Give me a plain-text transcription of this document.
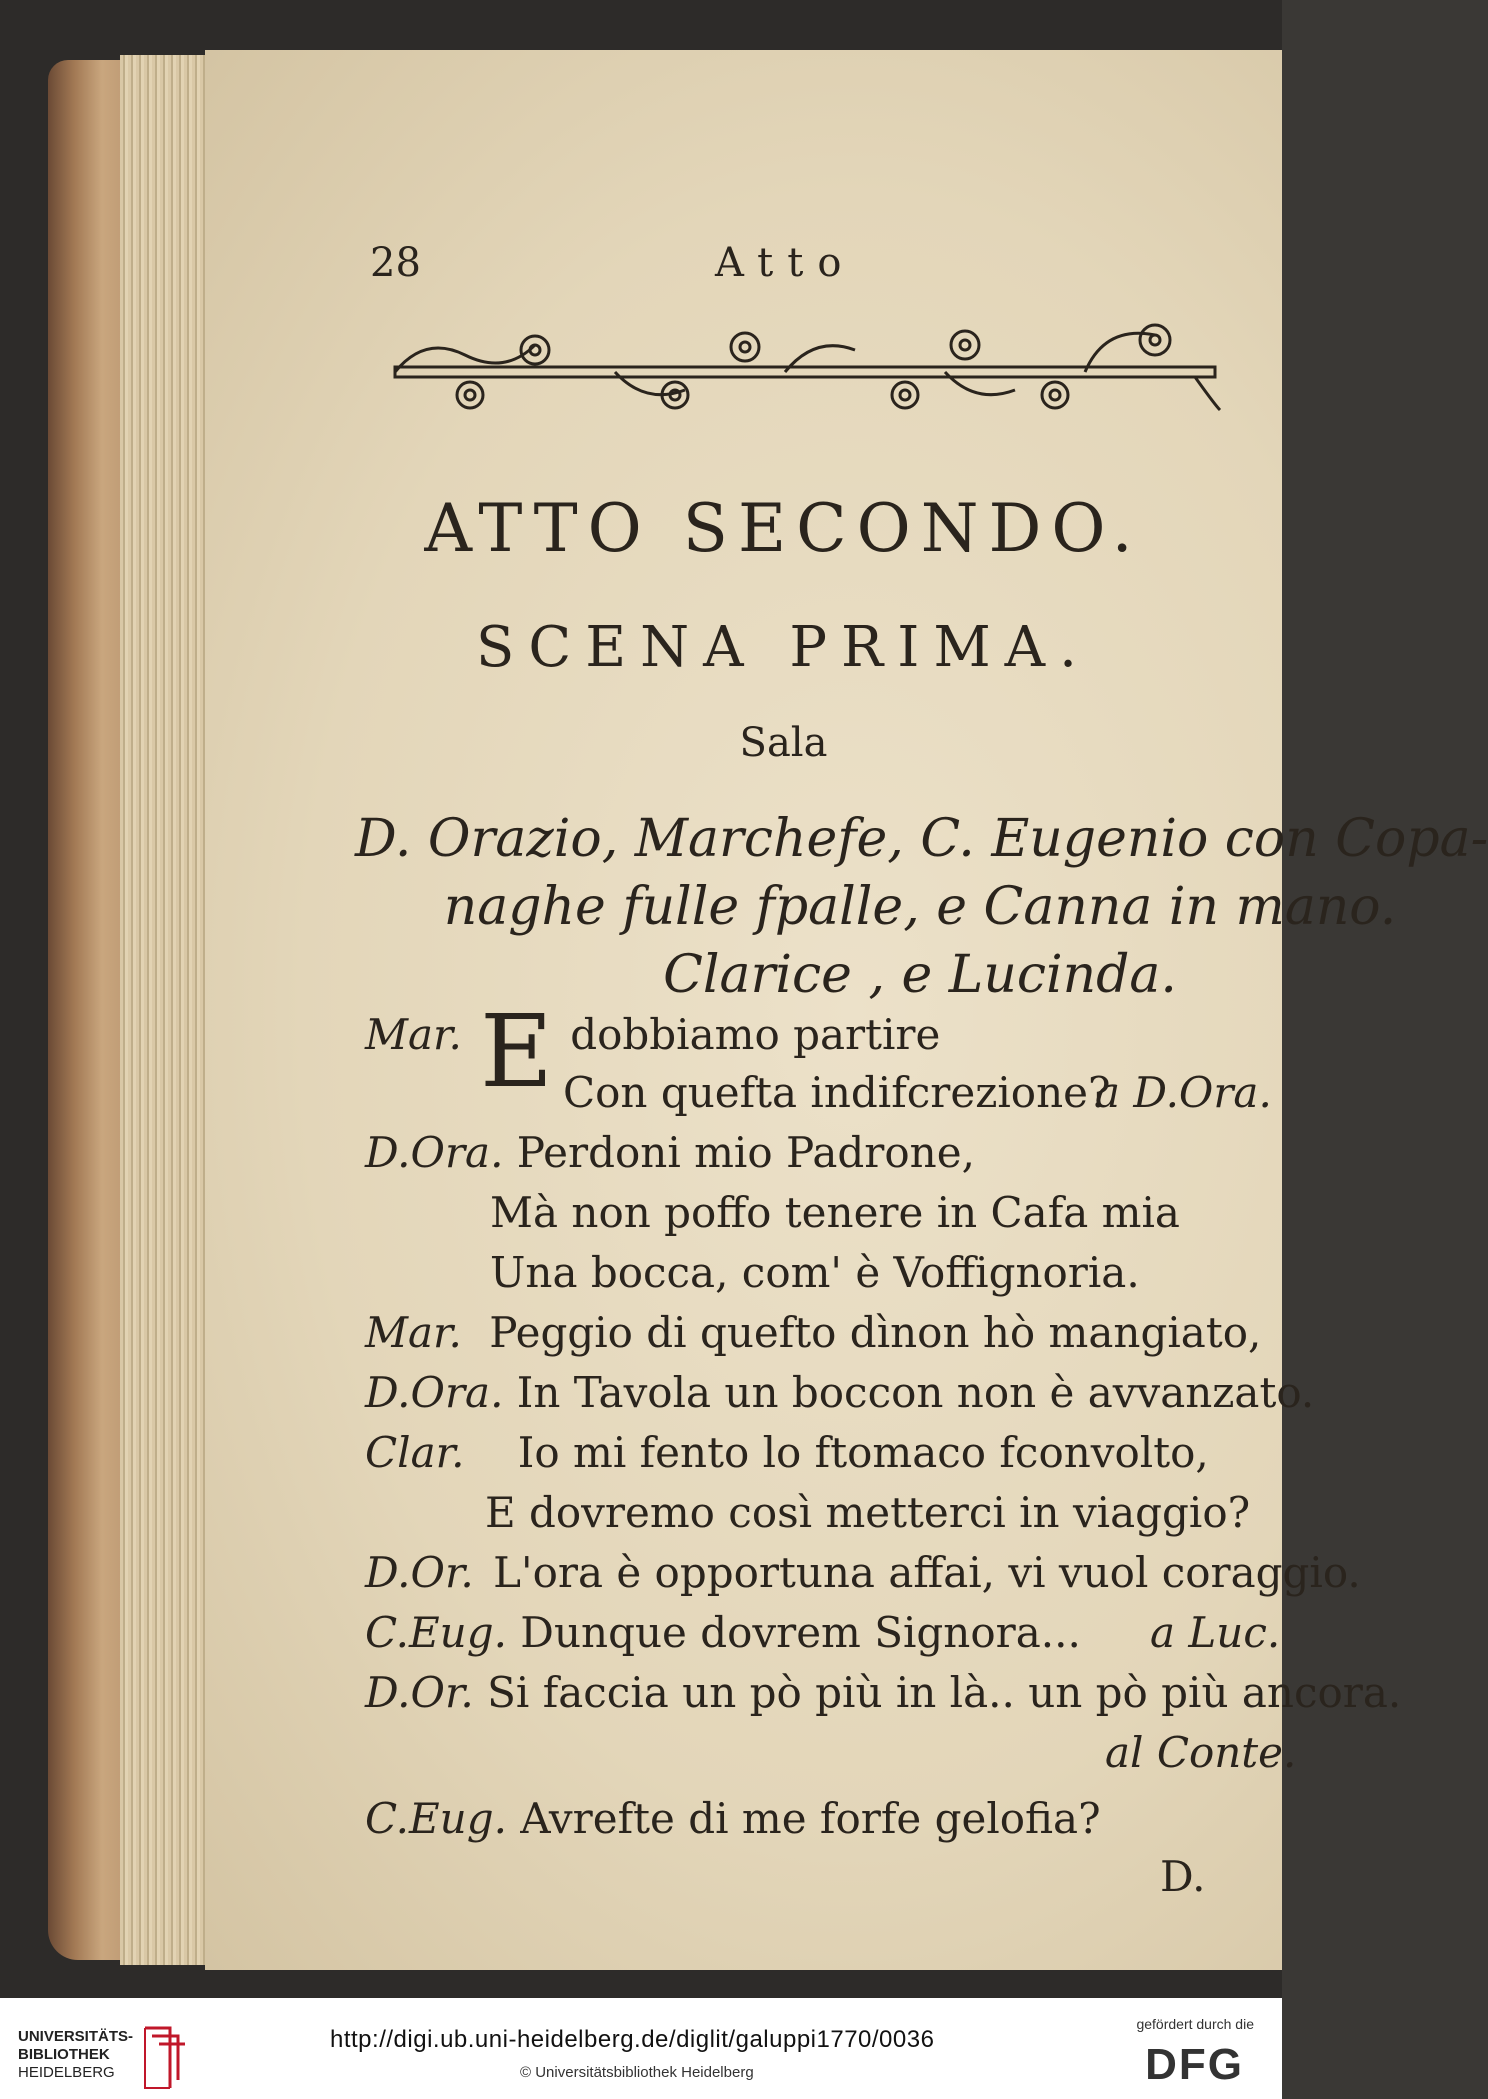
28	Atto
ATTO SECONDO.
SCENA PRIMA.
Sala
D. Orazio, Marchefe, C. Eugenio con Copa-
naghe fulle fpalle, e Canna in mano.
Clarice , e Lucinda.
E
Mar.	dobbiamo partire
Con quefta indifcrezione?
a D.Ora.
D.Ora. Perdoni mio Padrone,
Mà non poffo tenere in Cafa mia
Una bocca, com' è Voffignoria.
Mar. Peggio di quefto dìnon hò mangiato,
D.Ora. In Tavola un boccon non è avvanzato.
Clar. Io mi fento lo ftomaco fconvolto,
E dovremo così metterci in viaggio?
D.Or. L'ora è opportuna affai, vi vuol coraggio.
C.Eug. Dunque dovrem Signora... a Luc.
D.Or. Si faccia un pò più in là.. un pò più ancora.
al Conte.
C.Eug. Avrefte di me forfe gelofia?
D.
UNIVERSITÄTS-
BIBLIOTHEK
HEIDELBERG
http://digi.ub.uni-heidelberg.de/diglit/galuppi1770/0036
© Universitätsbibliothek Heidelberg
gefördert durch die
DFG
